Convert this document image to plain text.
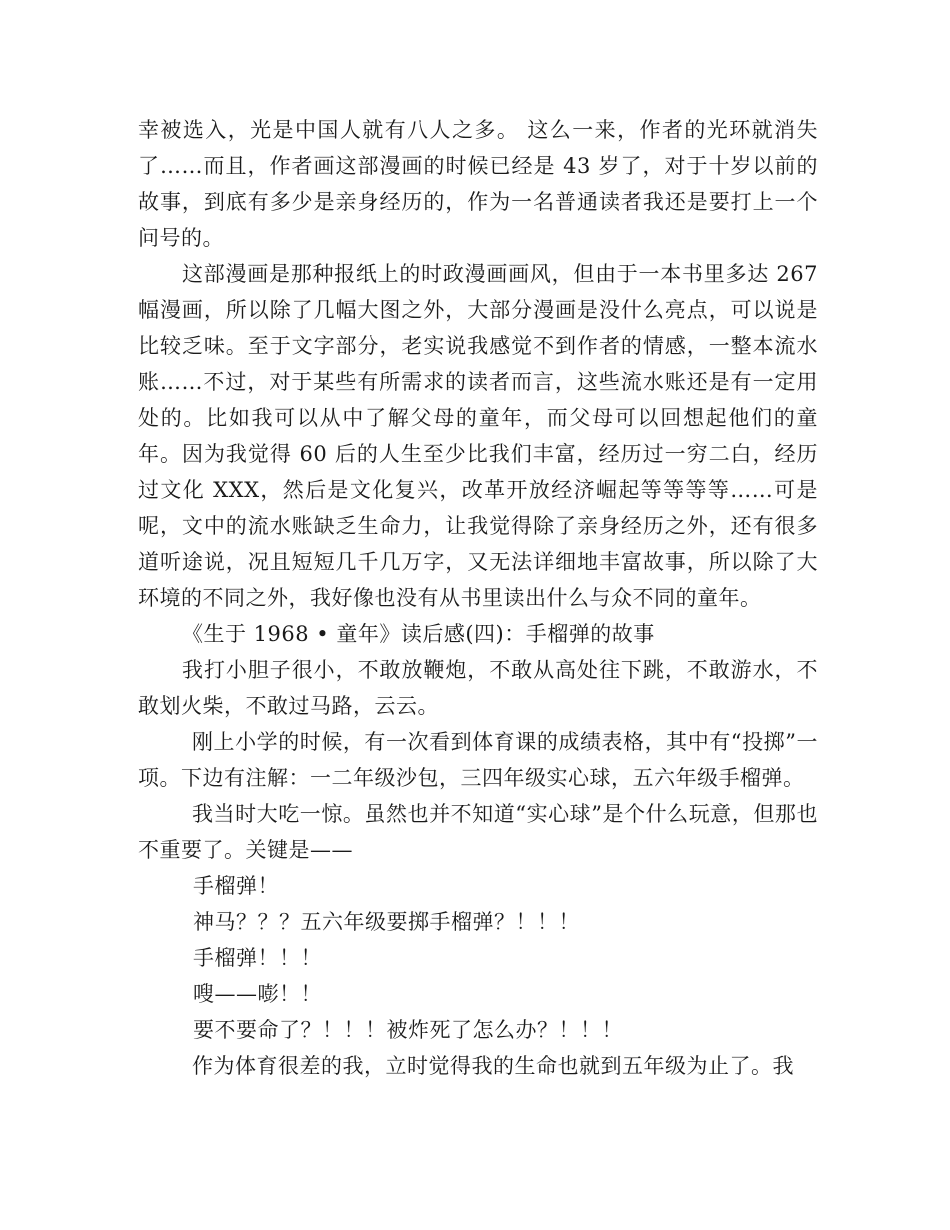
幸被选入，光是中国人就有八人之多。 这么一来，作者的光环就消失了……而且，作者画这部漫画的时候已经是 43 岁了，对于十岁以前的故事，到底有多少是亲身经历的，作为一名普通读者我还是要打上一个问号的。

这部漫画是那种报纸上的时政漫画画风，但由于一本书里多达 267 幅漫画，所以除了几幅大图之外，大部分漫画是没什么亮点，可以说是比较乏味。至于文字部分，老实说我感觉不到作者的情感，一整本流水账……不过，对于某些有所需求的读者而言，这些流水账还是有一定用处的。比如我可以从中了解父母的童年，而父母可以回想起他们的童年。因为我觉得 60 后的人生至少比我们丰富，经历过一穷二白，经历过文化 XXX，然后是文化复兴，改革开放经济崛起等等等等……可是呢，文中的流水账缺乏生命力，让我觉得除了亲身经历之外，还有很多道听途说，况且短短几千几万字，又无法详细地丰富故事，所以除了大环境的不同之外，我好像也没有从书里读出什么与众不同的童年。

《生于 1968 • 童年》读后感(四)：手榴弹的故事

我打小胆子很小，不敢放鞭炮，不敢从高处往下跳，不敢游水，不敢划火柴，不敢过马路，云云。

刚上小学的时候，有一次看到体育课的成绩表格，其中有“投掷”一项。下边有注解：一二年级沙包，三四年级实心球，五六年级手榴弹。

我当时大吃一惊。虽然也并不知道“实心球”是个什么玩意，但那也不重要了。关键是——

手榴弹！

神马？？？五六年级要掷手榴弹？！！！

手榴弹！！！

嗖——嘭！！

要不要命了？！！！被炸死了怎么办？！！！

作为体育很差的我，立时觉得我的生命也就到五年级为止了。我
